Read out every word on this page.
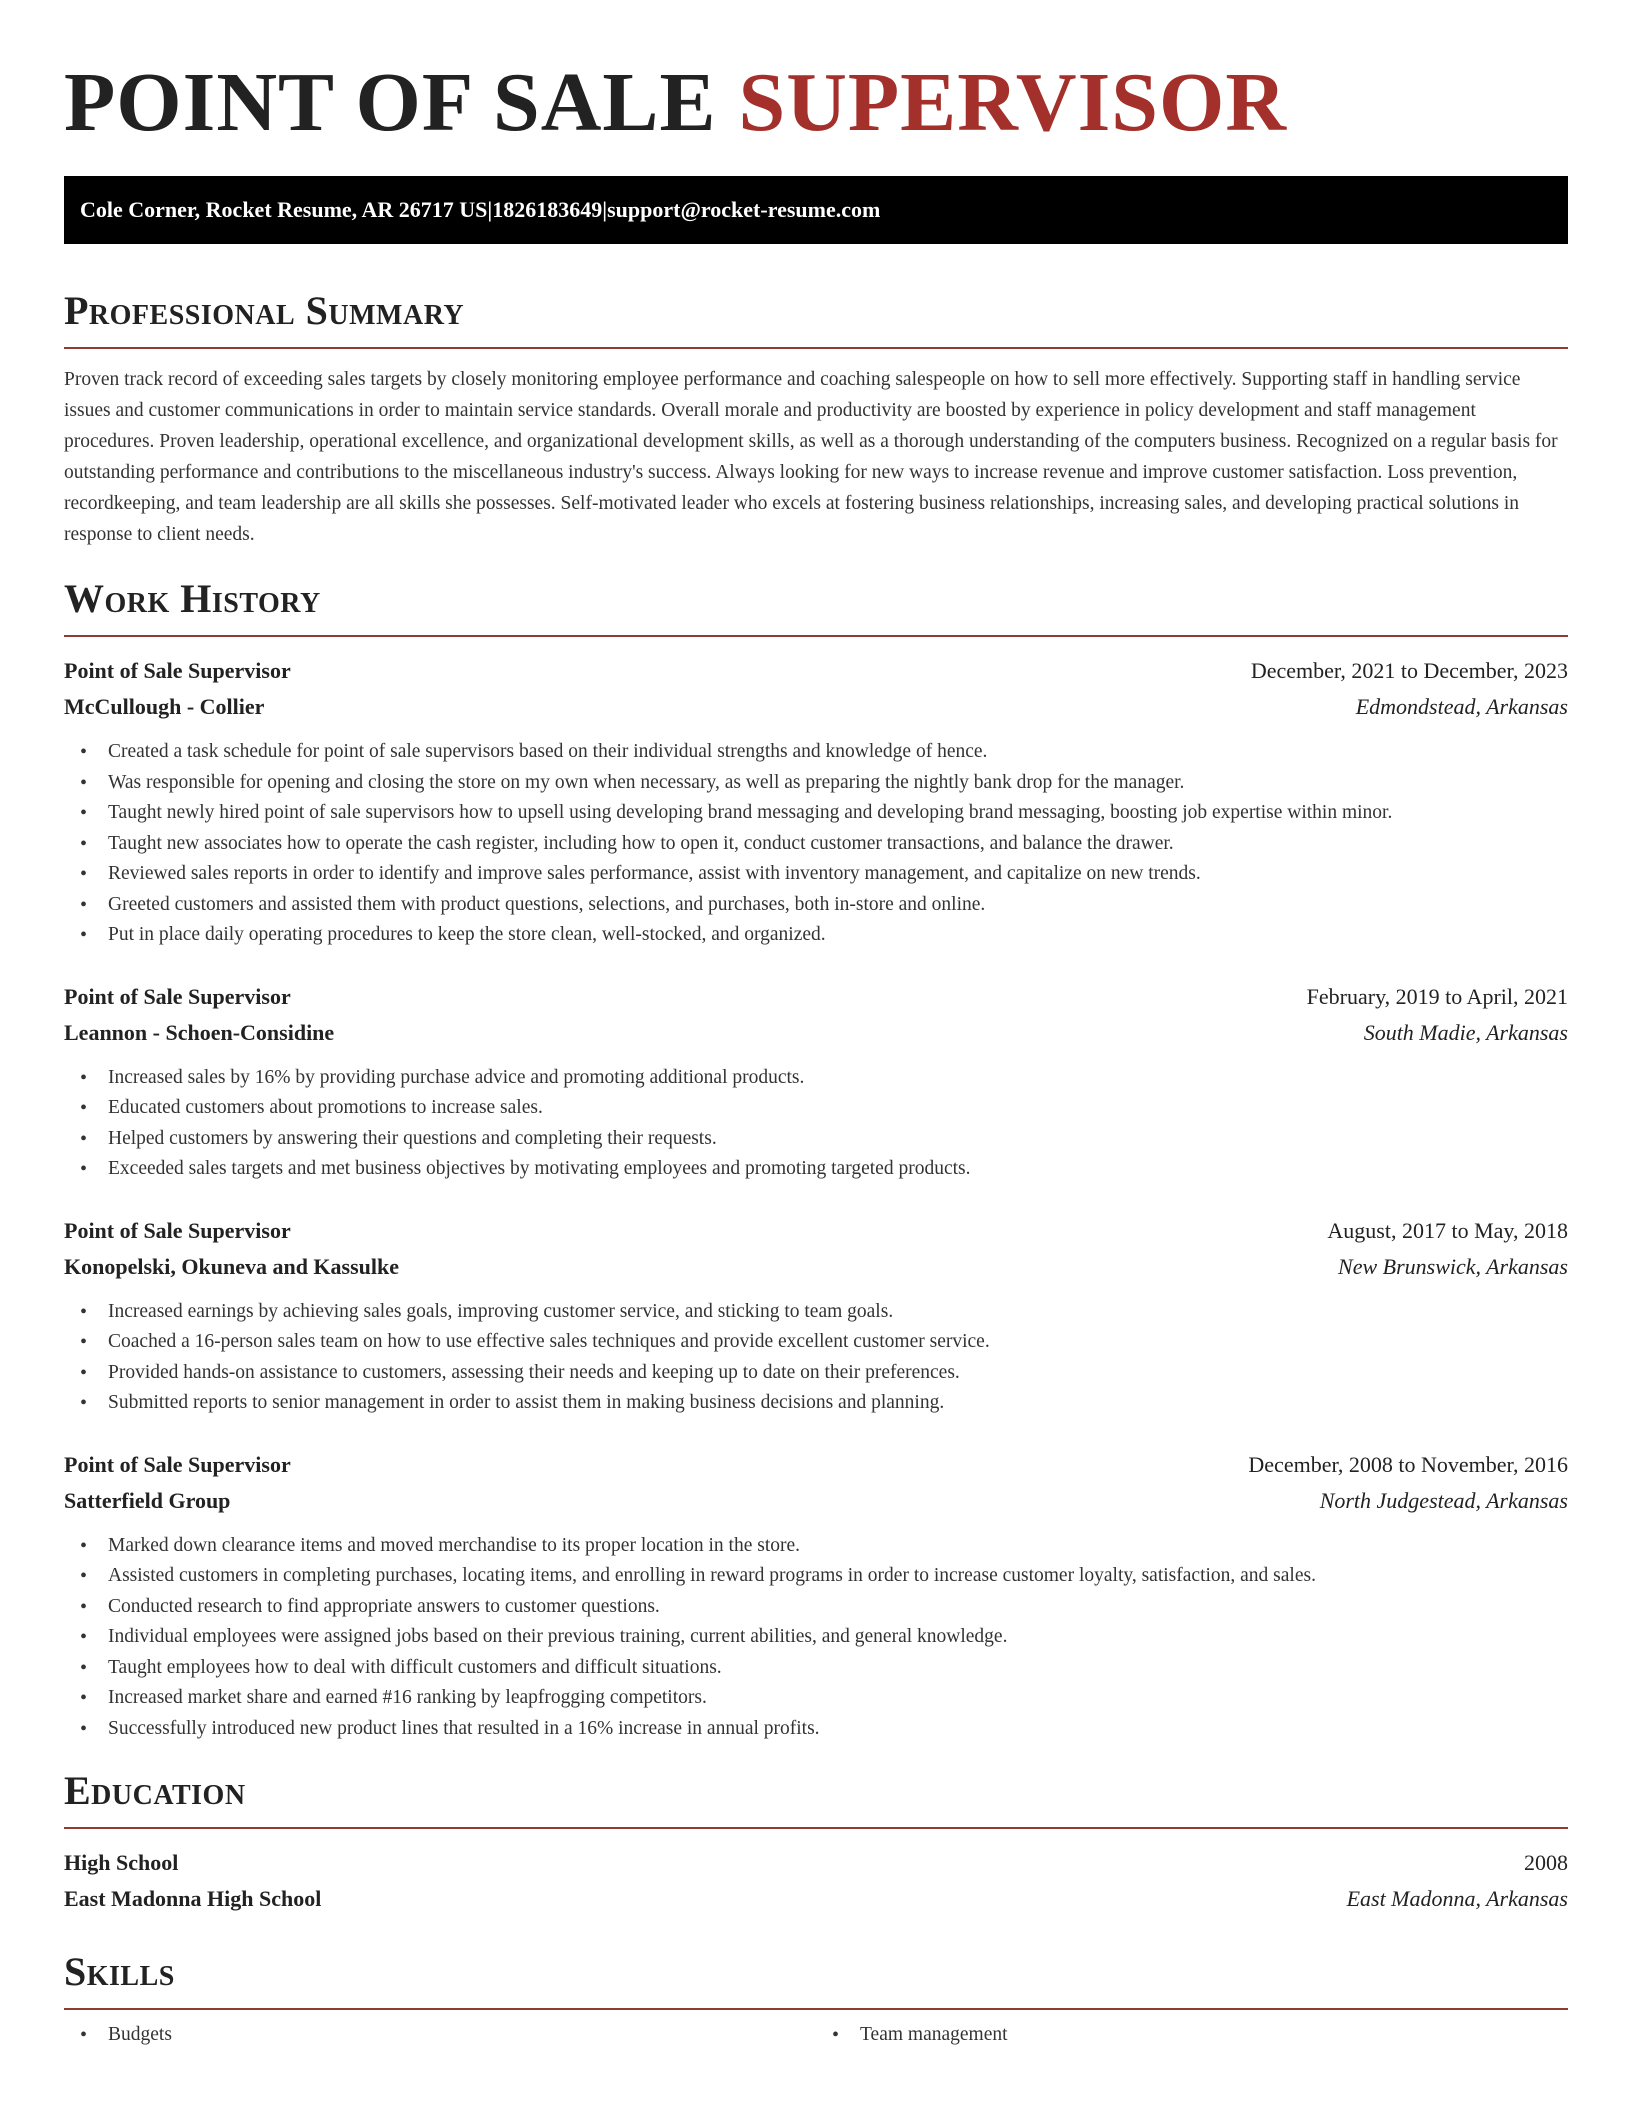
POINT OF SALE SUPERVISOR
Cole Corner, Rocket Resume, AR 26717 US | 1826183649 | support@rocket-resume.com
Professional Summary

Proven track record of exceeding sales targets by closely monitoring employee performance and coaching salespeople on how to sell more effectively. Supporting staff in handling service issues and customer communications in order to maintain service standards. Overall morale and productivity are boosted by experience in policy development and staff management procedures. Proven leadership, operational excellence, and organizational development skills, as well as a thorough understanding of the computers business. Recognized on a regular basis for outstanding performance and contributions to the miscellaneous industry's success. Always looking for new ways to increase revenue and improve customer satisfaction. Loss prevention, recordkeeping, and team leadership are all skills she possesses. Self-motivated leader who excels at fostering business relationships, increasing sales, and developing practical solutions in response to client needs.

Work History
Point of Sale Supervisor	December, 2021 to December, 2023
McCullough - Collier	Edmondstead, Arkansas
• Created a task schedule for point of sale supervisors based on their individual strengths and knowledge of hence.
• Was responsible for opening and closing the store on my own when necessary, as well as preparing the nightly bank drop for the manager.
• Taught newly hired point of sale supervisors how to upsell using developing brand messaging and developing brand messaging, boosting job expertise within minor.
• Taught new associates how to operate the cash register, including how to open it, conduct customer transactions, and balance the drawer.
• Reviewed sales reports in order to identify and improve sales performance, assist with inventory management, and capitalize on new trends.
• Greeted customers and assisted them with product questions, selections, and purchases, both in-store and online.
• Put in place daily operating procedures to keep the store clean, well-stocked, and organized.
Point of Sale Supervisor	February, 2019 to April, 2021
Leannon - Schoen-Considine	South Madie, Arkansas
• Increased sales by 16% by providing purchase advice and promoting additional products.
• Educated customers about promotions to increase sales.
• Helped customers by answering their questions and completing their requests.
• Exceeded sales targets and met business objectives by motivating employees and promoting targeted products.
Point of Sale Supervisor	August, 2017 to May, 2018
Konopelski, Okuneva and Kassulke	New Brunswick, Arkansas
• Increased earnings by achieving sales goals, improving customer service, and sticking to team goals.
• Coached a 16-person sales team on how to use effective sales techniques and provide excellent customer service.
• Provided hands-on assistance to customers, assessing their needs and keeping up to date on their preferences.
• Submitted reports to senior management in order to assist them in making business decisions and planning.
Point of Sale Supervisor	December, 2008 to November, 2016
Satterfield Group	North Judgestead, Arkansas
• Marked down clearance items and moved merchandise to its proper location in the store.
• Assisted customers in completing purchases, locating items, and enrolling in reward programs in order to increase customer loyalty, satisfaction, and sales.
• Conducted research to find appropriate answers to customer questions.
• Individual employees were assigned jobs based on their previous training, current abilities, and general knowledge.
• Taught employees how to deal with difficult customers and difficult situations.
• Increased market share and earned #16 ranking by leapfrogging competitors.
• Successfully introduced new product lines that resulted in a 16% increase in annual profits.
Education
High School	2008
East Madonna High School	East Madonna, Arkansas
Skills
• Budgets
•	Team management
